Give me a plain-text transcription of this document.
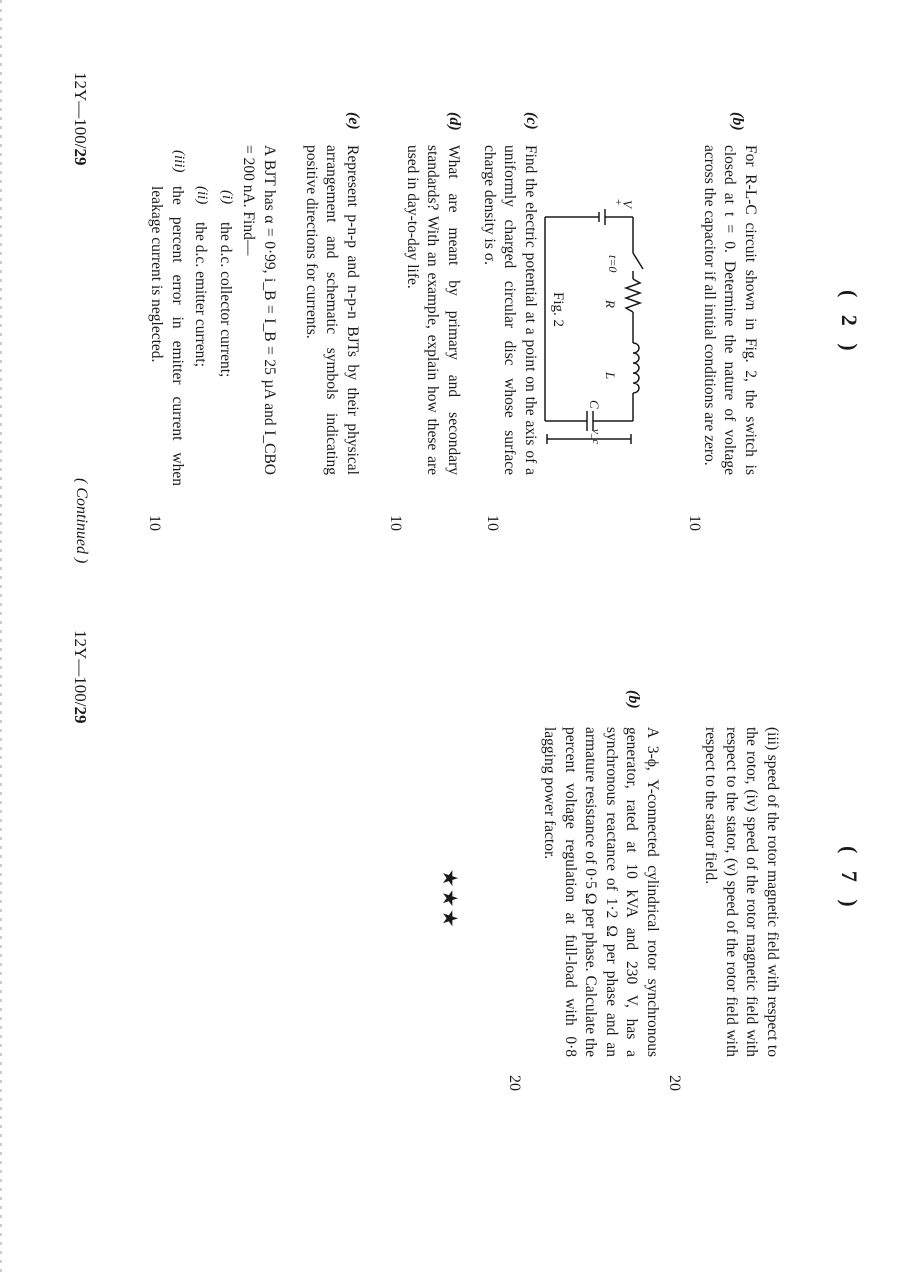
( 2 )
(b)
For R-L-C circuit shown in Fig. 2, the switch is closed at t = 0. Determine the nature of voltage across the capacitor if all initial conditions are zero.
10
+
V
t=0
R
L
C
v_c
Fig. 2
(c)
Find the electric potential at a point on the axis of a uniformly charged circular disc whose surface charge density is σ.
10
(d)
What are meant by primary and secondary standards? With an example, explain how these are used in day-to-day life.
10
(e)
Represent p-n-p and n-p-n BJTs by their physical arrangement and schematic symbols indicating positive directions for currents.
A BJT has α = 0·99, i_B = I_B = 25 µA and I_CBO = 200 nA. Find—
(i)
the d.c. collector current;
(ii)
the d.c. emitter current;
(iii)
the percent error in emitter current when leakage current is neglected.
10
12Y—100/29
( Continued )
( 7 )
(iii) speed of the rotor magnetic field with respect to the rotor, (iv) speed of the rotor magnetic field with respect to the stator, (v) speed of the rotor field with respect to the stator field.
20
(b)
A 3-ϕ, Y-connected cylindrical rotor synchronous generator, rated at 10 kVA and 230 V, has a synchronous reactance of 1·2 Ω per phase and an armature resistance of 0·5 Ω per phase. Calculate the percent voltage regulation at full-load with 0·8 lagging power factor.
20
★★★
12Y—100/29
